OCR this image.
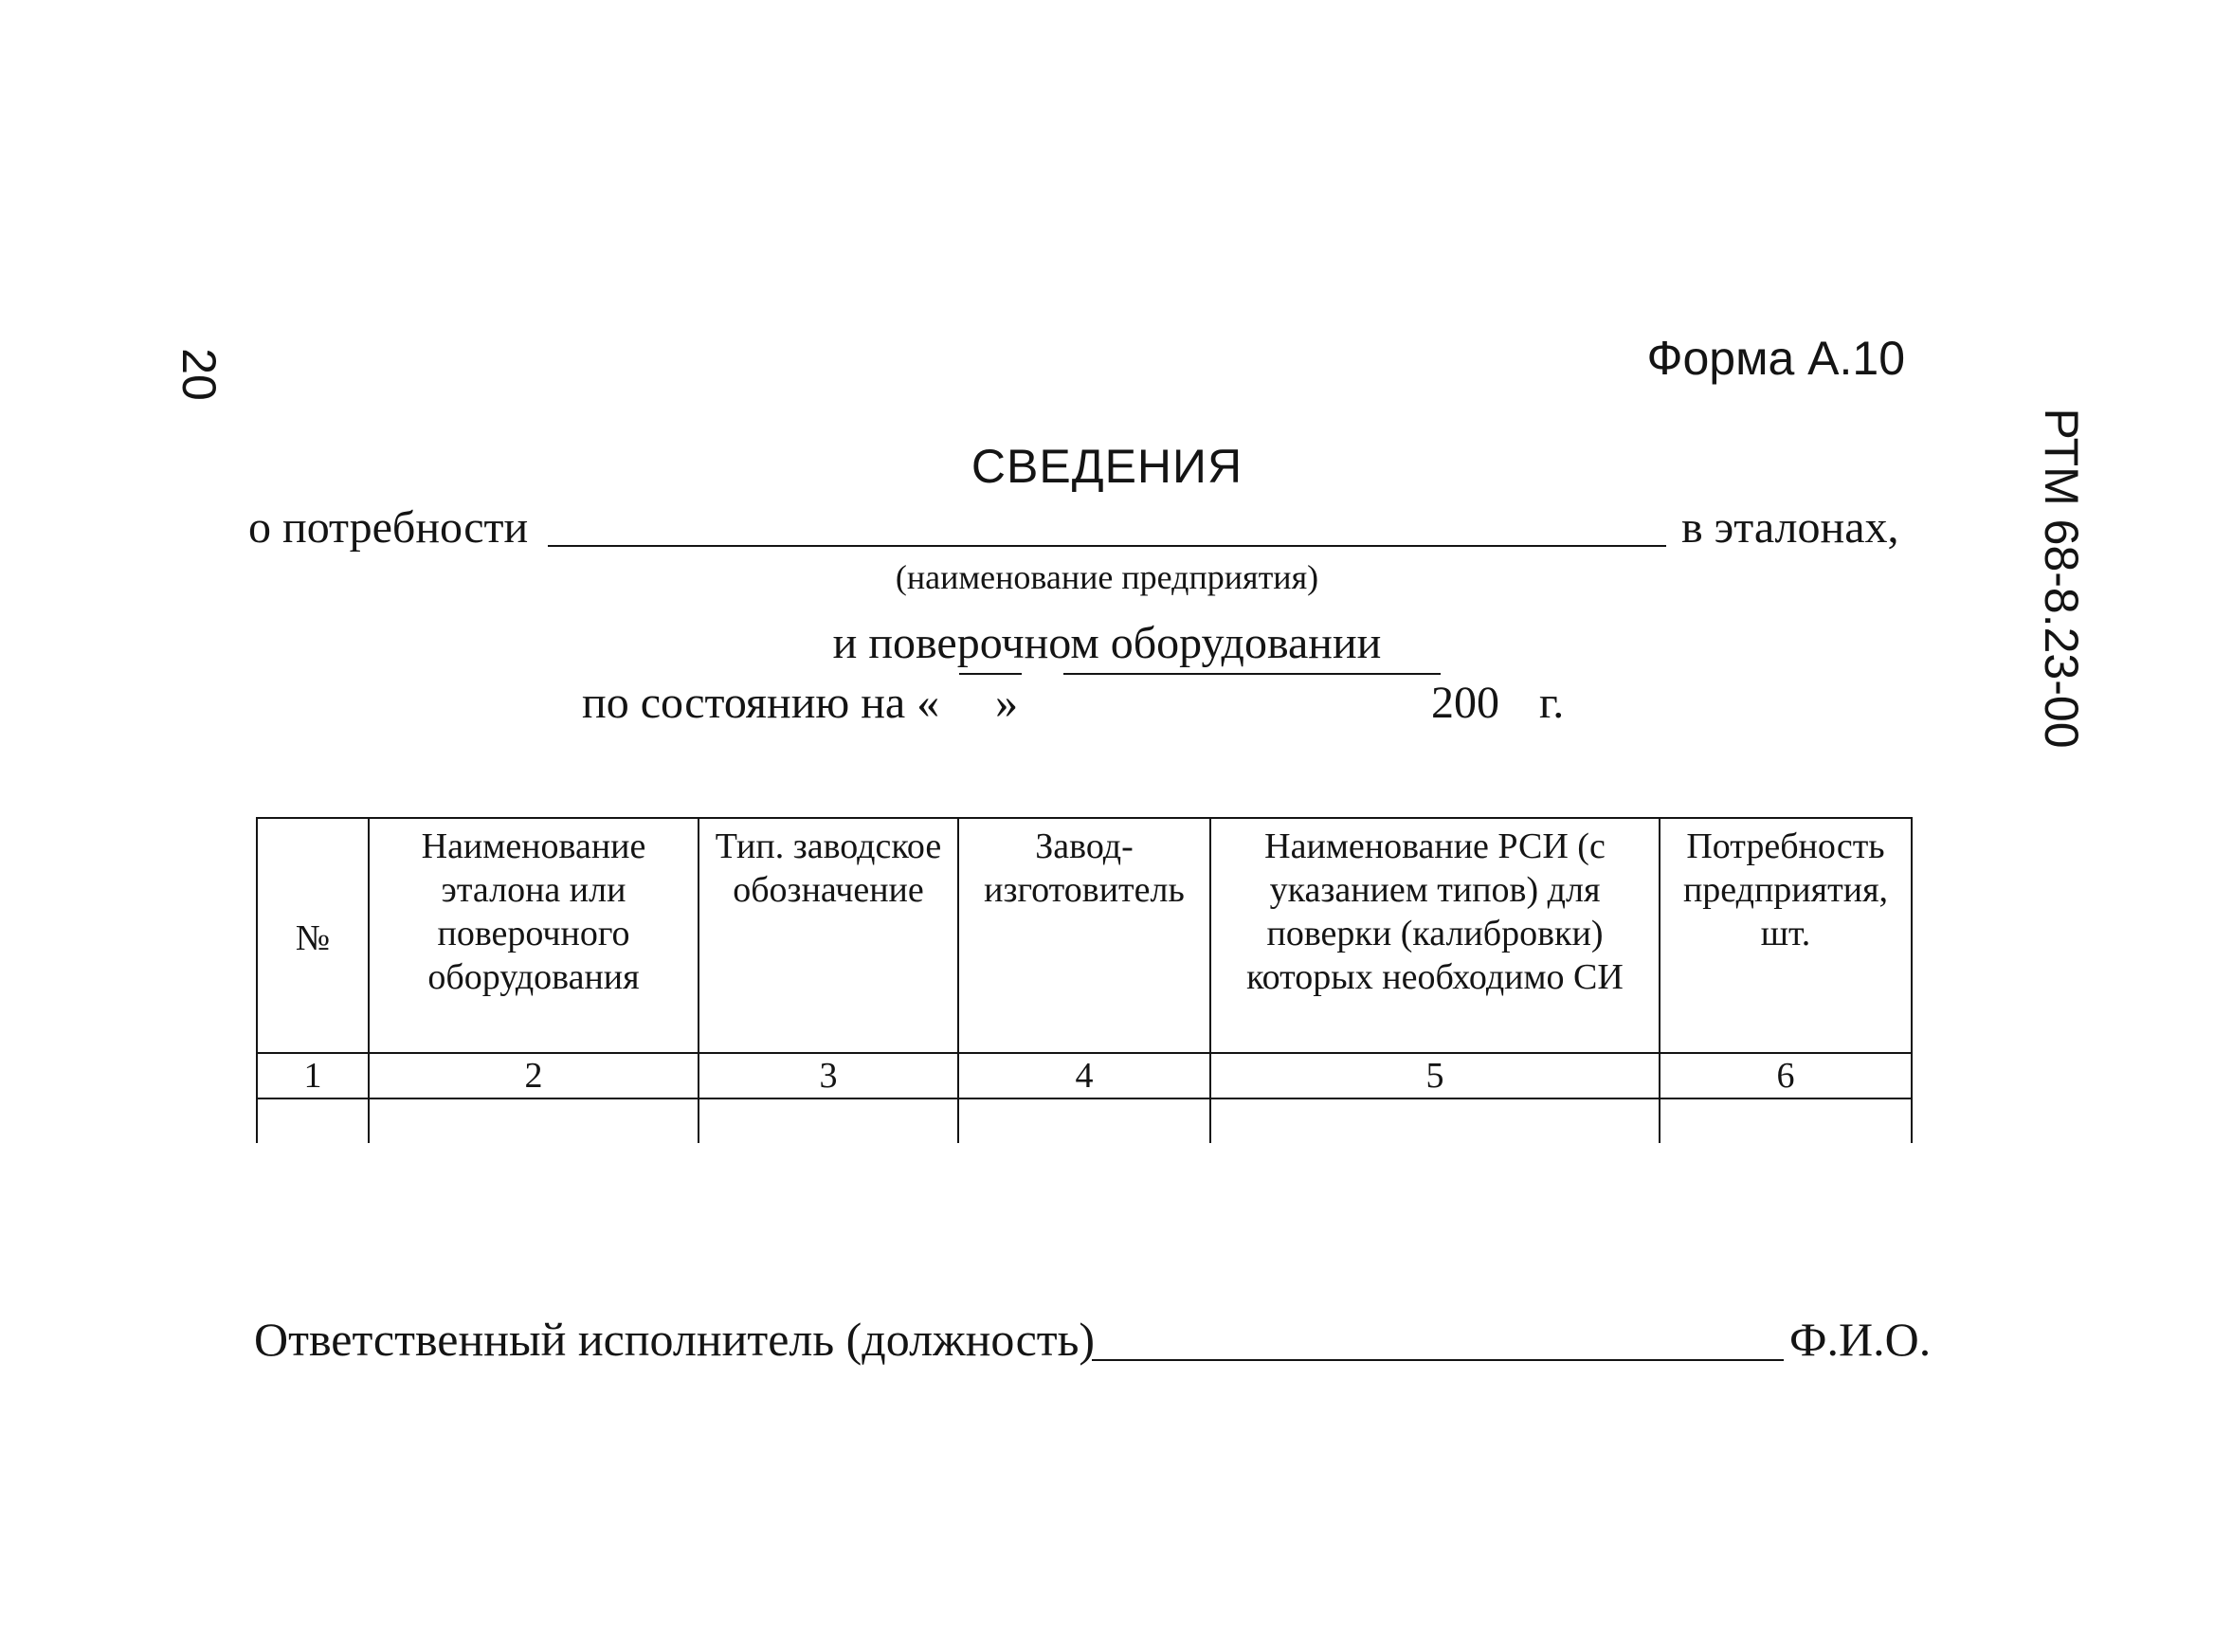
20
РТМ 68-8.23-00
Форма А.10
СВЕДЕНИЯ
о потребности	в эталонах,
(наименование предприятия)
и поверочном оборудовании
по состоянию на « »	200 г.
№	Наименование эталона или поверочного оборудования	Тип. заводское обозначение	Завод-изготовитель	Наименование РСИ (с указанием типов) для поверки (калибровки) которых необходимо СИ	Потребность предприятия, шт.
1	2	3	4	5	6

Ответственный исполнитель (должность)	Ф.И.О.
